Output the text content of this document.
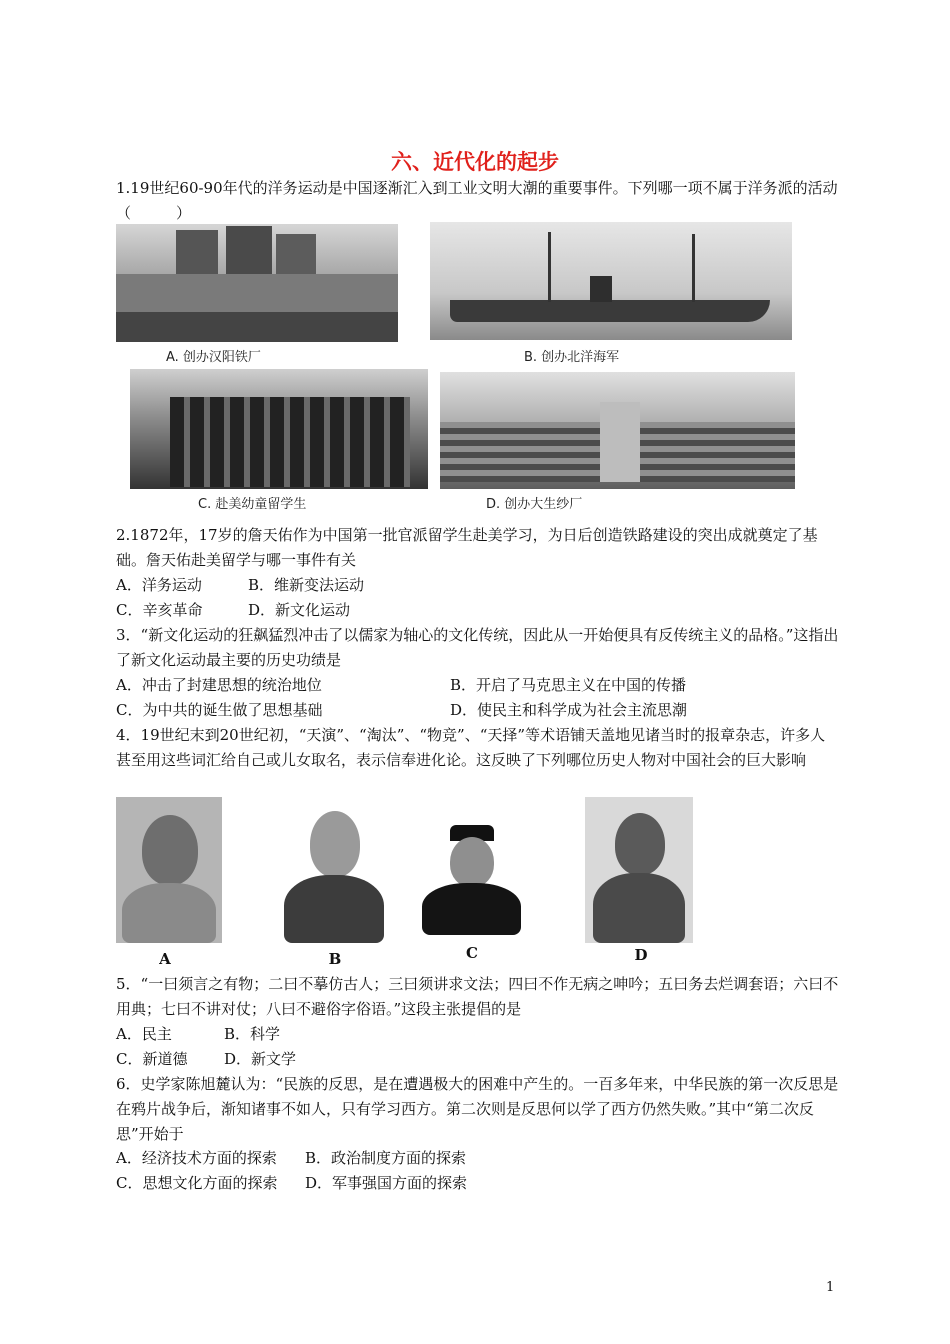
六、近代化的起步
1.19世纪60-90年代的洋务运动是中国逐渐汇入到工业文明大潮的重要事件。下列哪一项不属于洋务派的活动（　　　）
A. 创办汉阳铁厂	B. 创办北洋海军
C. 赴美幼童留学生	D. 创办大生纱厂
2.1872年，17岁的詹天佑作为中国第一批官派留学生赴美学习，为日后创造铁路建设的突出成就奠定了基础。詹天佑赴美留学与哪一事件有关
A．洋务运动	B．维新变法运动
C．辛亥革命	D．新文化运动
3．“新文化运动的狂飙猛烈冲击了以儒家为轴心的文化传统，因此从一开始便具有反传统主义的品格。”这指出了新文化运动最主要的历史功绩是
A．冲击了封建思想的统治地位	B．开启了马克思主义在中国的传播
C．为中共的诞生做了思想基础	D．使民主和科学成为社会主流思潮
4．19世纪末到20世纪初，“天演”、“淘汰”、“物竞”、“天择”等术语铺天盖地见诸当时的报章杂志，许多人甚至用这些词汇给自己或儿女取名，表示信奉进化论。这反映了下列哪位历史人物对中国社会的巨大影响
A	B	C	D
5．“一曰须言之有物；二曰不摹仿古人；三曰须讲求文法；四曰不作无病之呻吟；五曰务去烂调套语；六曰不用典；七曰不讲对仗；八曰不避俗字俗语。”这段主张提倡的是
A．民主	B．科学
C．新道德 D．新文学
6．史学家陈旭麓认为：“民族的反思，是在遭遇极大的困难中产生的。一百多年来，中华民族的第一次反思是在鸦片战争后，渐知诸事不如人，只有学习西方。第二次则是反思何以学了西方仍然失败。”其中“第二次反思”开始于
A．经济技术方面的探索 B．政治制度方面的探索
C．思想文化方面的探索 D．军事强国方面的探索
1
